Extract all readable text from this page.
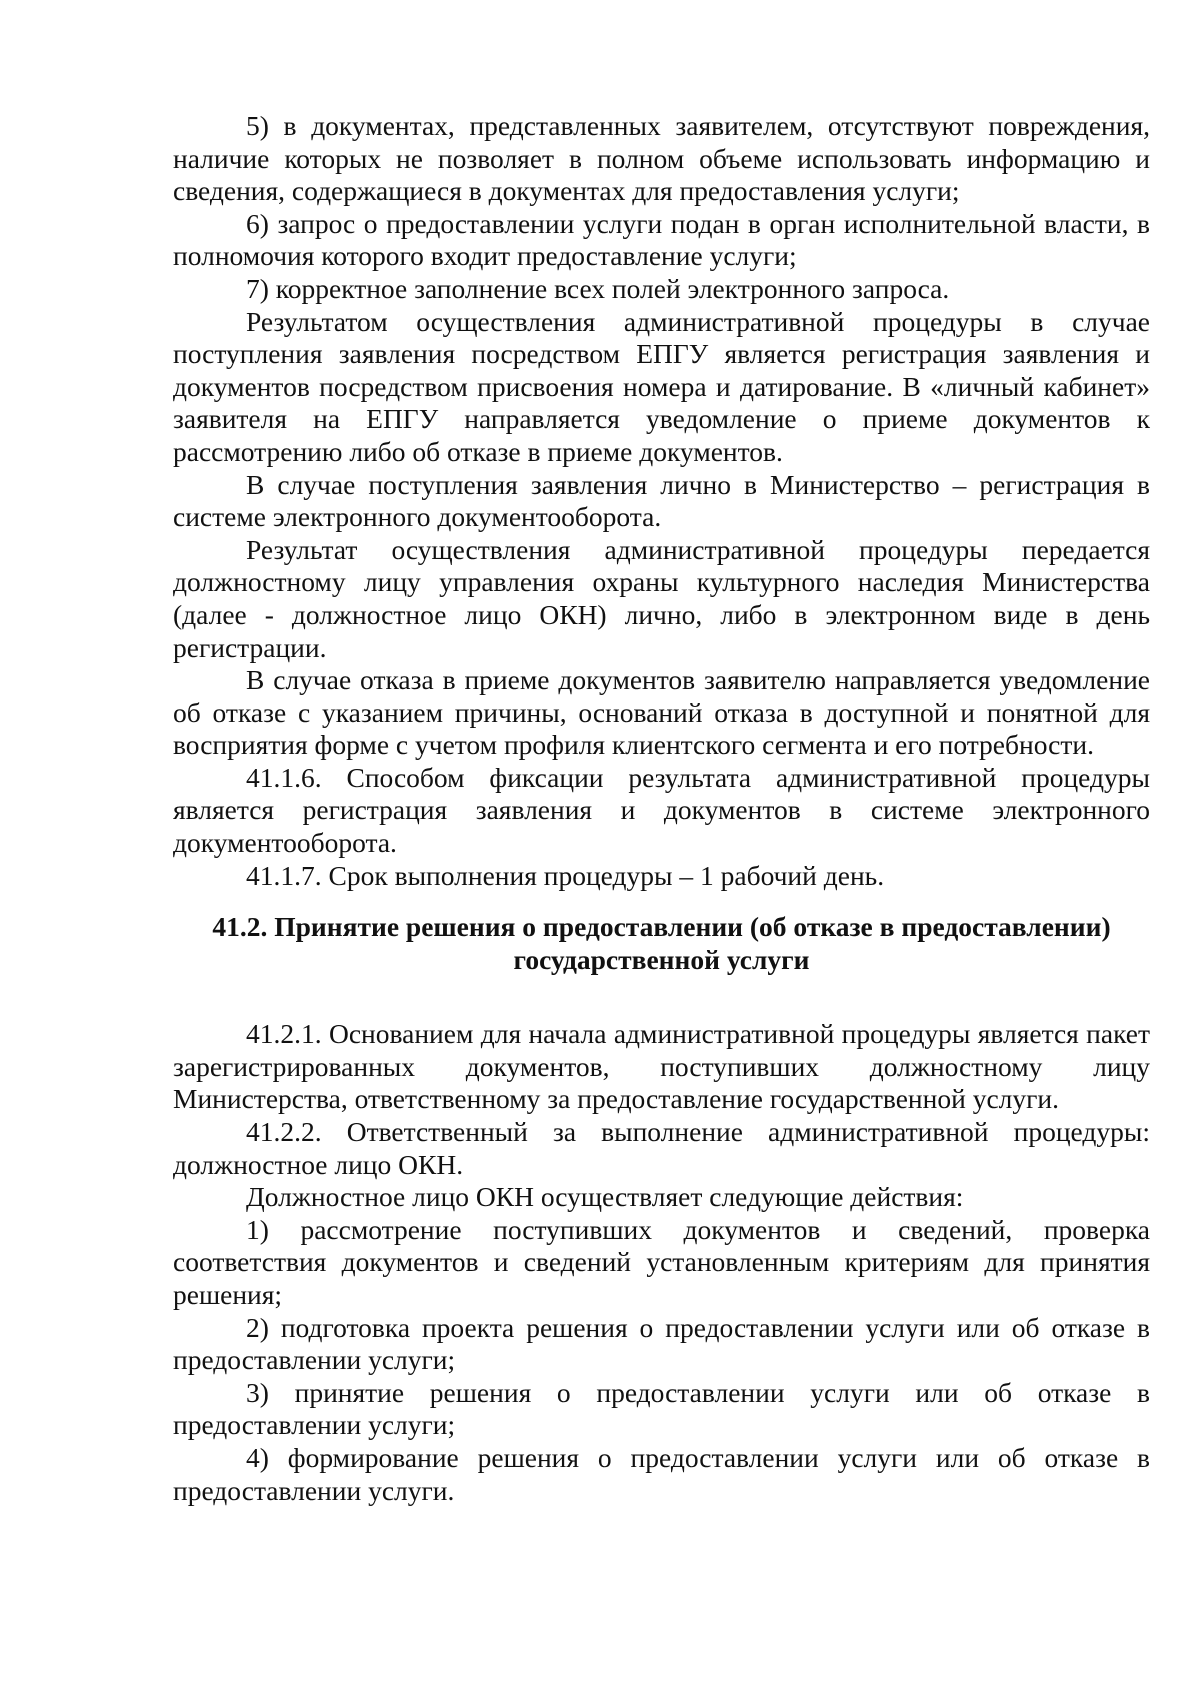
5) в документах, представленных заявителем, отсутствуют повреждения, наличие которых не позволяет в полном объеме использовать информацию и сведения, содержащиеся в документах для предоставления услуги;

6) запрос о предоставлении услуги подан в орган исполнительной власти, в полномочия которого входит предоставление услуги;

7) корректное заполнение всех полей электронного запроса.

Результатом осуществления административной процедуры в случае поступления заявления посредством ЕПГУ является регистрация заявления и документов посредством присвоения номера и датирование. В «личный кабинет» заявителя на ЕПГУ направляется уведомление о приеме документов к рассмотрению либо об отказе в приеме документов.

В случае поступления заявления лично в Министерство – регистрация в системе электронного документооборота.

Результат осуществления административной процедуры передается должностному лицу управления охраны культурного наследия Министерства (далее - должностное лицо ОКН) лично, либо в электронном виде в день регистрации.

В случае отказа в приеме документов заявителю направляется уведомление об отказе с указанием причины, оснований отказа в доступной и понятной для восприятия форме с учетом профиля клиентского сегмента и его потребности.

41.1.6. Способом фиксации результата административной процедуры является регистрация заявления и документов в системе электронного документооборота.

41.1.7. Срок выполнения процедуры – 1 рабочий день.

41.2. Принятие решения о предоставлении (об отказе в предоставлении)
государственной услуги

41.2.1. Основанием для начала административной процедуры является пакет зарегистрированных документов, поступивших должностному лицу Министерства, ответственному за предоставление государственной услуги.

41.2.2. Ответственный за выполнение административной процедуры: должностное лицо ОКН.

Должностное лицо ОКН осуществляет следующие действия:

1) рассмотрение поступивших документов и сведений, проверка соответствия документов и сведений установленным критериям для принятия решения;

2) подготовка проекта решения о предоставлении услуги или об отказе в предоставлении услуги;

3) принятие решения о предоставлении услуги или об отказе в предоставлении услуги;

4) формирование решения о предоставлении услуги или об отказе в предоставлении услуги.
